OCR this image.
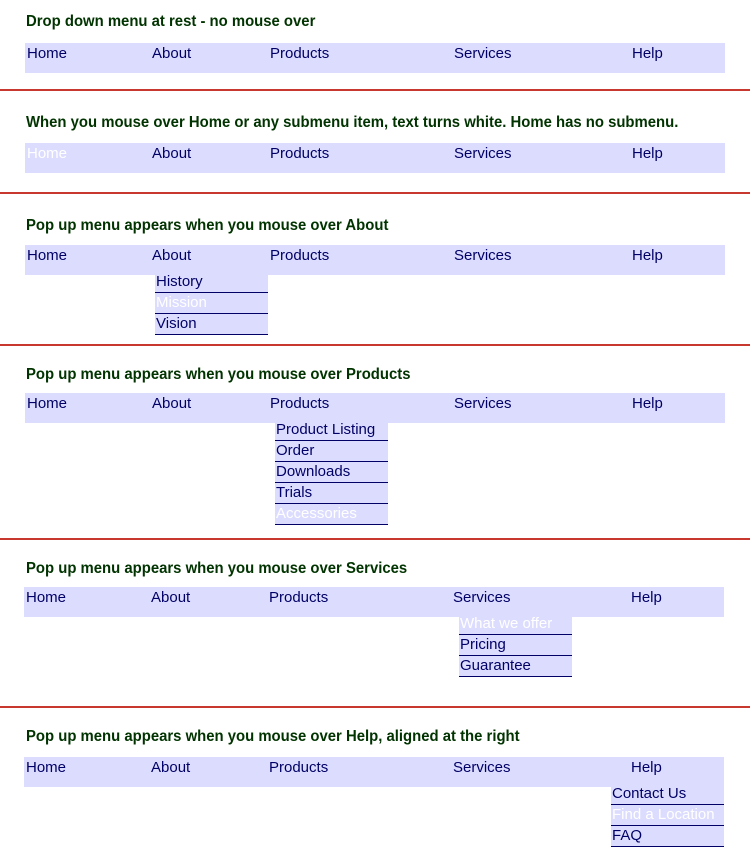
Drop down menu at rest - no mouse over
Home	About	Products	Services	Help
When you mouse over Home or any submenu item, text turns white. Home has no submenu.
Home	About	Products	Services	Help
Pop up menu appears when you mouse over About
Home	About	Products	Services	Help
History
Mission
Vision
Pop up menu appears when you mouse over Products
Home	About	Products	Services	Help
Product Listing
Order
Downloads
Trials
Accessories
Pop up menu appears when you mouse over Services
Home	About	Products	Services	Help
What we offer
Pricing
Guarantee
Pop up menu appears when you mouse over Help, aligned at the right
Home	About	Products	Services	Help
Contact Us
Find a Location
FAQ
